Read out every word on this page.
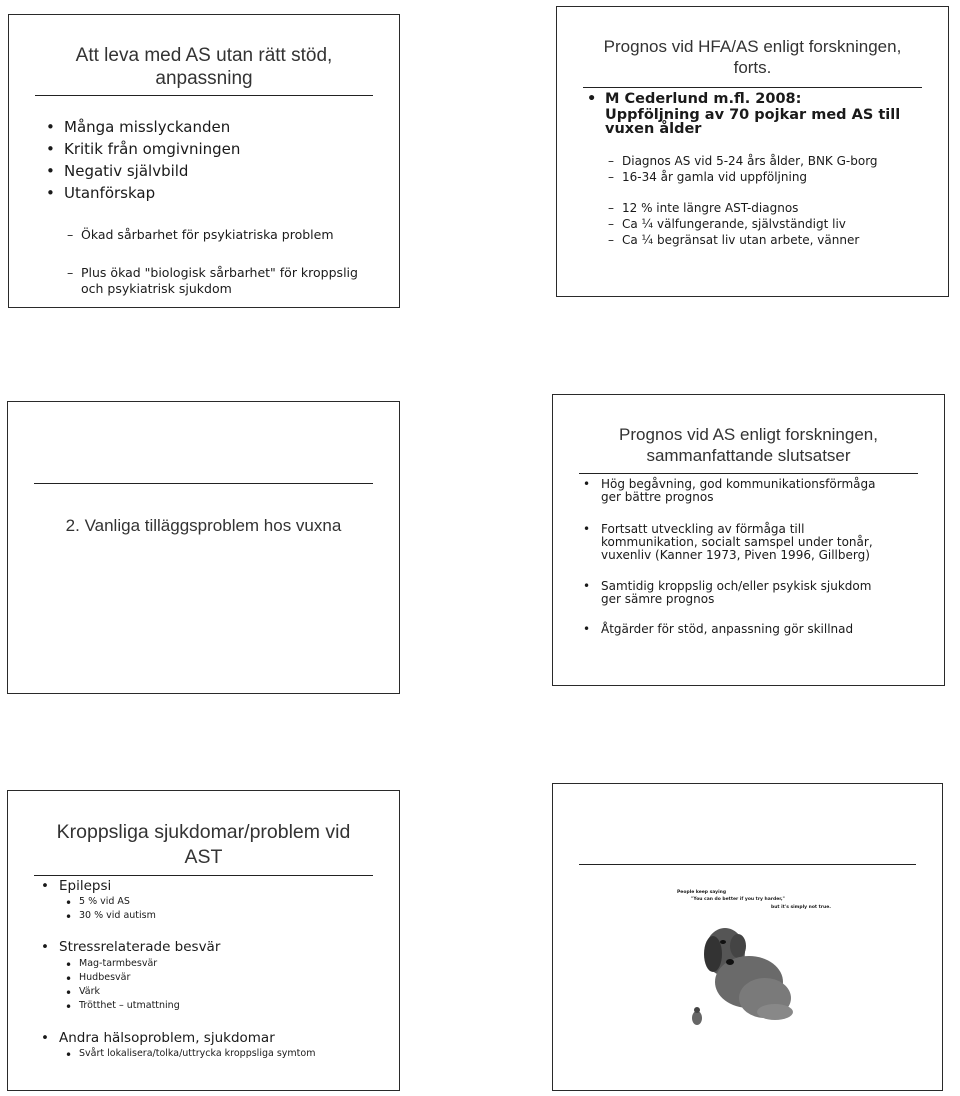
Att leva med AS utan rätt stöd, anpassning
• Många misslyckanden
• Kritik från omgivningen
• Negativ självbild
• Utanförskap
– Ökad sårbarhet för psykiatriska problem
– Plus ökad "biologisk sårbarhet" för kroppslig
och psykiatrisk sjukdom
Prognos vid HFA/AS enligt forskningen,
forts.
• M Cederlund m.fl. 2008:
Uppföljning av 70 pojkar med AS till
vuxen ålder
– Diagnos AS vid 5-24 års ålder, BNK G-borg
– 16-34 år gamla vid uppföljning
– 12 % inte längre AST-diagnos
– Ca ¼ välfungerande, självständigt liv
– Ca ¼ begränsat liv utan arbete, vänner
2. Vanliga tilläggsproblem hos vuxna
Prognos vid AS enligt forskningen,
sammanfattande slutsatser
• Hög begåvning, god kommunikationsförmåga
ger bättre prognos
• Fortsatt utveckling av förmåga till
kommunikation, socialt samspel under tonår,
vuxenliv (Kanner 1973, Piven 1996, Gillberg)
• Samtidig kroppslig och/eller psykisk sjukdom
ger sämre prognos
• Åtgärder för stöd, anpassning gör skillnad
Kroppsliga sjukdomar/problem vid
AST
• Epilepsi
• 5 % vid AS
• 30 % vid autism
• Stressrelaterade besvär
• Mag-tarmbesvär
• Hudbesvär
• Värk
• Trötthet – utmattning
• Andra hälsoproblem, sjukdomar
• Svårt lokalisera/tolka/uttrycka kroppsliga symtom
People keep saying
"You can do better if you try harder,"
but it's simply not true.
